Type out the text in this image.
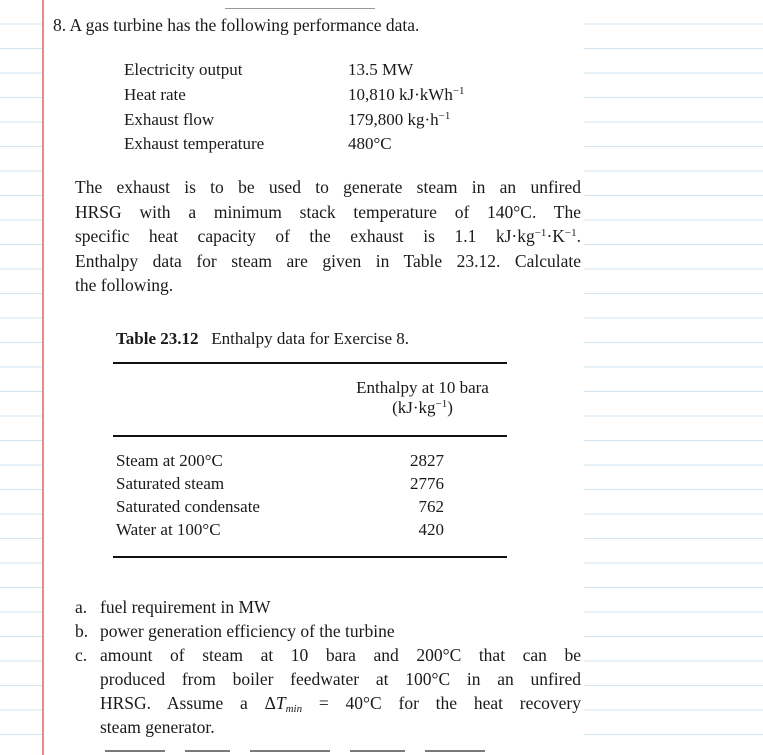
8. A gas turbine has the following performance data.
Electricity output	13.5 MW
Heat rate	10,810 kJ·kWh$^{-1}$
Exhaust flow	179,800 $kg\cdot h^{-1}$
Exhaust temperature	480°C
The exhaust is to be used to generate steam in an unfired
HRSG with a minimum stack temperature of 140°C. The
specific heat capacity of the exhaust is 1.1 $kJ\cdot kg^{-1}\cdot K^{-1}$.
Enthalpy data for steam are given in Table 23.12. Calculate
the following.
Table 23.12 Enthalpy data for Exercise 8.
Enthalpy at 10 bara
$(kJ\cdot kg^{-1})$
Steam at 200°C	2827
Saturated steam	2776
Saturated condensate	762
Water at 100°C	420
a. fuel requirement in MW
b. power generation efficiency of the turbine
c. amount of steam at 10 bara and 200°C that can be
produced from boiler feedwater at 100°C in an unfired
HRSG. Assume a $\Delta T_{min} = 40^\circ C$ for the heat recovery
steam generator.
